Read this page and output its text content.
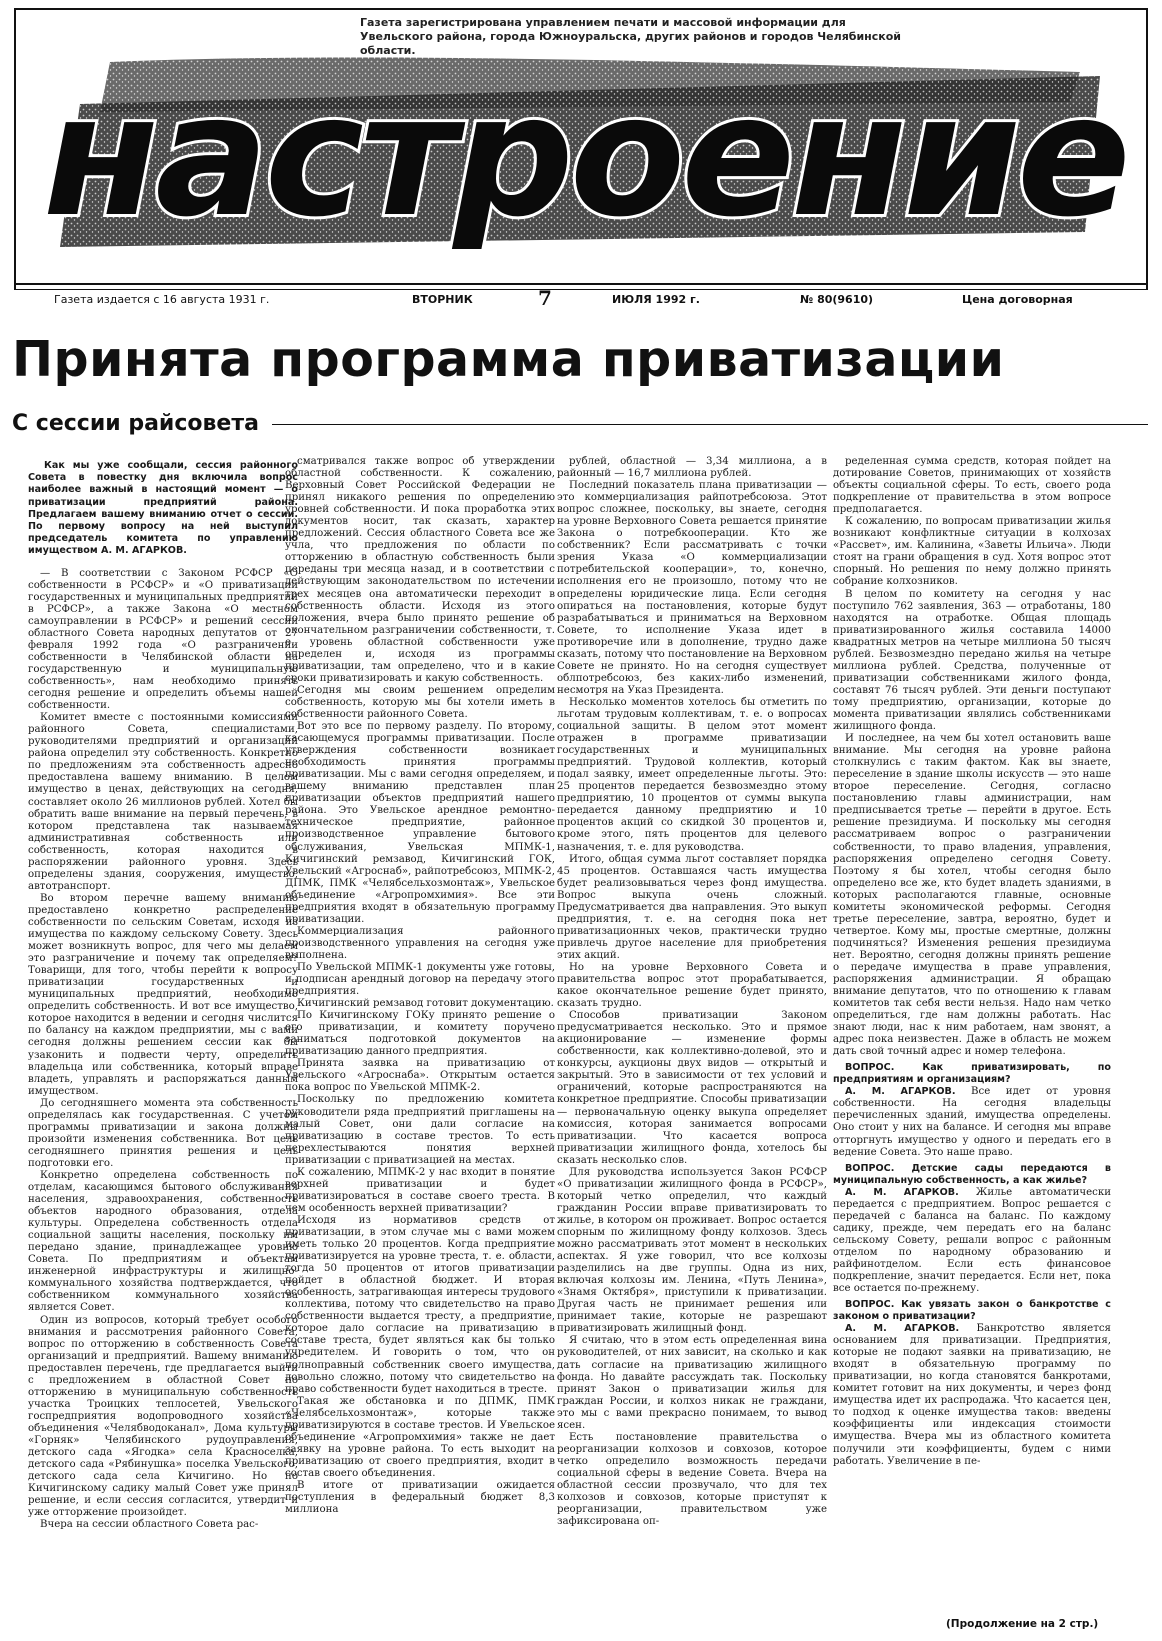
Газета зарегистрирована управлением печати и массовой информации для Увельского района, города Южноуральска, других районов и городов Челябинской области.
настроение
Газета издается с 16 августа 1931 г.	ВТОРНИК	7	ИЮЛЯ 1992 г.	№ 80(9610)	Цена договорная
Принята программа приватизации
С сессии райсовета

Как мы уже сообщали, сессия районного Совета в повестку дня включила вопрос наиболее важный в настоящий момент — о приватизации предприятий района. Предлагаем вашему вниманию отчет о сессии. По первому вопросу на ней выступил председатель комитета по управлению имуществом А. М. АГАРКОВ.

— В соответствии с Законом РСФСР «О собственности в РСФСР» и «О приватизации государственных и муниципальных предприятий в РСФСР», а также Закона «О местном самоуправлении в РСФСР» и решений сессии областного Совета народных депутатов от 27 февраля 1992 года «О разграничении собственности в Челябинской области на государственную и муниципальную собственность», нам необходимо принять сегодня решение и определить объемы нашей собственности.

Комитет вместе с постоянными комиссиями районного Совета, специалистами, руководителями предприятий и организаций района определил эту собственность. Конкретно по предложениям эта собственность адресно предоставлена вашему вниманию. В целом имущество в ценах, действующих на сегодня, составляет около 26 миллионов рублей. Хотел бы обратить ваше внимание на первый перечень, в котором представлена так называемая административная собственность или собственность, которая находится в распоряжении районного уровня. Здесь определены здания, сооружения, имущество, автотранспорт.

Во втором перечне вашему вниманию предоставлено конкретно распределение собственности по сельским Советам, исходя из имущества по каждому сельскому Совету. Здесь может возникнуть вопрос, для чего мы делаем это разграничение и почему так определяем? Товарищи, для того, чтобы перейти к вопросу приватизации государственных и муниципальных предприятий, необходимо определить собственность. И вот все имущество, которое находится в ведении и сегодня числится по балансу на каждом предприятии, мы с вами сегодня должны решением сессии как бы узаконить и подвести черту, определить владельца или собственника, который вправе владеть, управлять и распоряжаться данным имуществом.

До сегодняшнего момента эта собственность определялась как государственная. С учетом программы приватизации и закона должны произойти изменения собственника. Вот цель сегодняшнего принятия решения и цель подготовки его.

Конкретно определена собственность по отделам, касающимся бытового обслуживания населения, здравоохранения, собственность объектов народного образования, отдела культуры. Определена собственность отдела социальной защиты населения, поскольку им передано здание, принадлежащее уровню Совета. По предприятиям и объектам инженерной инфраструктуры и жилищно-коммунального хозяйства подтверждается, что собственником коммунального хозяйства является Совет.

Один из вопросов, который требует особого внимания и рассмотрения районного Совета, вопрос по отторжению в собственность Совета организаций и предприятий. Вашему вниманию предоставлен перечень, где предлагается выйти с предложением в областной Совет по отторжению в муниципальную собственность участка Троицких теплосетей, Увельского госпредприятия водопроводного хозяйства объединения «Челябводоканал», Дома культуры «Горняк» Челябинского рудоуправления, детского сада «Ягодка» села Красноселка, детского сада «Рябинушка» поселка Увельского, детского сада села Кичигино. Но по Кичигинскому садику малый Совет уже принял решение, и если сессия согласится, утвердит и уже отторжение произойдет.

Вчера на сессии областного Совета рас-

сматривался также вопрос об утверждении областной собственности. К сожалению, Верховный Совет Российской Федерации не принял никакого решения по определению уровней собственности. И пока проработка этих документов носит, так сказать, характер предложений. Сессия областного Совета все же учла, что предложения по области по отторжению в областную собственность были переданы три месяца назад, и в соответствии с действующим законодательством по истечении трех месяцев она автоматически переходит в собственность области. Исходя из этого положения, вчера было принято решение об окончательном разграничении собственности, т. е. уровень областной собственности уже определен и, исходя из программы приватизации, там определено, что и в какие сроки приватизировать и какую собственность.

Сегодня мы своим решением определим собственность, которую мы бы хотели иметь в собственности районного Совета.

Вот это все по первому разделу. По второму, касающемуся программы приватизации. После утверждения собственности возникает необходимость принятия программы приватизации. Мы с вами сегодня определяем, и вашему вниманию представлен план приватизации объектов предприятий нашего района. Это Увельское арендное ремонтно-техническое предприятие, районное производственное управление бытового обслуживания, Увельская МПМК-1, Кичигинский ремзавод, Кичигинский ГОК, Увельский «Агроснаб», райпотребсоюз, МПМК-2, ДПМК, ПМК «Челябсельхозмонтаж», Увельское объединение «Агропромхимия». Все эти предприятия входят в обязательную программу приватизации.

Коммерциализация районного производственного управления на сегодня уже выполнена.

По Увельской МПМК-1 документы уже готовы, и подписан арендный договор на передачу этого предприятия.

Кичигинский ремзавод готовит документацию.

По Кичигинскому ГОКу принято решение о его приватизации, и комитету поручено заниматься подготовкой документов на приватизацию данного предприятия.

Принята заявка на приватизацию от Увельского «Агроснаба». Открытым остается пока вопрос по Увельской МПМК-2.

Поскольку по предложению комитета руководители ряда предприятий приглашены на малый Совет, они дали согласие на приватизацию в составе трестов. То есть перехлестываются понятия верхней приватизации с приватизацией на местах.

К сожалению, МПМК-2 у нас входит в понятие верхней приватизации и будет приватизироваться в составе своего треста. В чем особенность верхней приватизации?

Исходя из нормативов средств от приватизации, в этом случае мы с вами можем иметь только 20 процентов. Когда предприятие приватизируется на уровне треста, т. е. области, тогда 50 процентов от итогов приватизации пойдет в областной бюджет. И вторая особенность, затрагивающая интересы трудового коллектива, потому что свидетельство на право собственности выдается тресту, а предприятие, которое дало согласие на приватизацию в составе треста, будет являться как бы только учредителем. И говорить о том, что он полноправный собственник своего имущества, довольно сложно, потому что свидетельство на право собственности будет находиться в тресте.

Такая же обстановка и по ДПМК, ПМК «Челябсельхозмонтаж», которые также приватизируются в составе трестов. И Увельское объединение «Агропромхимия» также не дает заявку на уровне района. То есть выходит на приватизацию от своего предприятия, входит в состав своего объединения.

В итоге от приватизации ожидается поступления в федеральный бюджет 8,3 миллиона

рублей, областной — 3,34 миллиона, а в районный — 16,7 миллиона рублей.

Последний показатель плана приватизации — это коммерциализация райпотребсоюза. Этот вопрос сложнее, поскольку, вы знаете, сегодня на уровне Верховного Совета решается принятие Закона о потребкооперации. Кто же собственник? Если рассматривать с точки зрения Указа «О коммерциализации потребительской кооперации», то, конечно, исполнения его не произошло, потому что не определены юридические лица. Если сегодня опираться на постановления, которые будут разрабатываться и приниматься на Верховном Совете, то исполнение Указа идет в противоречие или в дополнение, трудно даже сказать, потому что постановление на Верховном Совете не принято. Но на сегодня существует облпотребсоюз, без каких-либо изменений, несмотря на Указ Президента.

Несколько моментов хотелось бы отметить по льготам трудовым коллективам, т. е. о вопросах социальной защиты. В целом этот момент отражен в программе приватизации государственных и муниципальных предприятий. Трудовой коллектив, который подал заявку, имеет определенные льготы. Это: 25 процентов передается безвозмездно этому предприятию, 10 процентов от суммы выкупа передается данному предприятию и 10 процентов акций со скидкой 30 процентов и, кроме этого, пять процентов для целевого назначения, т. е. для руководства.

Итого, общая сумма льгот составляет порядка 45 процентов. Оставшаяся часть имущества будет реализовываться через фонд имущества. Вопрос выкупа очень сложный. Предусматривается два направления. Это выкуп предприятия, т. е. на сегодня пока нет приватизационных чеков, практически трудно привлечь другое население для приобретения этих акций.

Но на уровне Верховного Совета и правительства вопрос этот прорабатывается, какое окончательное решение будет принято, сказать трудно.

Способов приватизации Законом предусматривается несколько. Это и прямое акционирование — изменение формы собственности, как коллективно-долевой, это и конкурсы, аукционы двух видов — открытый и закрытый. Это в зависимости от тех условий и ограничений, которые распространяются на конкретное предприятие. Способы приватизации — первоначальную оценку выкупа определяет комиссия, которая занимается вопросами приватизации. Что касается вопроса приватизации жилищного фонда, хотелось бы сказать несколько слов.

Для руководства используется Закон РСФСР «О приватизации жилищного фонда в РСФСР», который четко определил, что каждый гражданин России вправе приватизировать то жилье, в котором он проживает. Вопрос остается спорным по жилищному фонду колхозов. Здесь можно рассматривать этот момент в нескольких аспектах. Я уже говорил, что все колхозы разделились на две группы. Одна из них, включая колхозы им. Ленина, «Путь Ленина», «Знамя Октября», приступили к приватизации. Другая часть не принимает решения или принимает такие, которые не разрешают приватизировать жилищный фонд.

Я считаю, что в этом есть определенная вина руководителей, от них зависит, на сколько и как дать согласие на приватизацию жилищного фонда. Но давайте рассуждать так. Поскольку принят Закон о приватизации жилья для граждан России, и колхоз никак не граждани, это мы с вами прекрасно понимаем, то вывод ясен.

Есть постановление правительства о реорганизации колхозов и совхозов, которое четко определило возможность передачи социальной сферы в ведение Совета. Вчера на областной сессии прозвучало, что для тех колхозов и совхозов, которые приступят к реорганизации, правительством уже зафиксирована оп-

ределенная сумма средств, которая пойдет на дотирование Советов, принимающих от хозяйств объекты социальной сферы. То есть, своего рода подкрепление от правительства в этом вопросе предполагается.

К сожалению, по вопросам приватизации жилья возникают конфликтные ситуации в колхозах «Рассвет», им. Калинина, «Заветы Ильича». Люди стоят на грани обращения в суд. Хотя вопрос этот спорный. Но решения по нему должно принять собрание колхозников.

В целом по комитету на сегодня у нас поступило 762 заявления, 363 — отработаны, 180 находятся на отработке. Общая площадь приватизированного жилья составила 14000 квадратных метров на четыре миллиона 50 тысяч рублей. Безвозмездно передано жилья на четыре миллиона рублей. Средства, полученные от приватизации собственниками жилого фонда, составят 76 тысяч рублей. Эти деньги поступают тому предприятию, организации, которые до момента приватизации являлись собственниками жилищного фонда.

И последнее, на чем бы хотел остановить ваше внимание. Мы сегодня на уровне района столкнулись с таким фактом. Как вы знаете, переселение в здание школы искусств — это наше второе переселение. Сегодня, согласно постановлению главы администрации, нам предписывается третье — перейти в другое. Есть решение президиума. И поскольку мы сегодня рассматриваем вопрос о разграничении собственности, то право владения, управления, распоряжения определено сегодня Совету. Поэтому я бы хотел, чтобы сегодня было определено все же, кто будет владеть зданиями, в которых располагаются главные, основные комитеты экономической реформы. Сегодня третье переселение, завтра, вероятно, будет и четвертое. Кому мы, простые смертные, должны подчиняться? Изменения решения президиума нет. Вероятно, сегодня должны принять решение о передаче имущества в праве управления, распоряжения администрации. Я обращаю внимание депутатов, что по отношению к главам комитетов так себя вести нельзя. Надо нам четко определиться, где нам должны работать. Нас знают люди, нас к ним работаем, нам звонят, а адрес пока неизвестен. Даже в область не можем дать свой точный адрес и номер телефона.

ВОПРОС. Как приватизировать, по предприятиям и организациям?

А. М. АГАРКОВ. Все идет от уровня собственности. На сегодня владельцы перечисленных зданий, имущества определены. Оно стоит у них на балансе. И сегодня мы вправе отторгнуть имущество у одного и передать его в ведение Совета. Это наше право.

ВОПРОС. Детские сады передаются в муниципальную собственность, а как жилье?

А. М. АГАРКОВ. Жилье автоматически передается с предприятием. Вопрос решается с передачей с баланса на баланс. По каждому садику, прежде, чем передать его на баланс сельскому Совету, решали вопрос с районным отделом по народному образованию и райфинотделом. Если есть финансовое подкрепление, значит передается. Если нет, пока все остается по-прежнему.

ВОПРОС. Как увязать закон о банкротстве с законом о приватизации?

А. М. АГАРКОВ. Банкротство является основанием для приватизации. Предприятия, которые не подают заявки на приватизацию, не входят в обязательную программу по приватизации, но когда становятся банкротами, комитет готовит на них документы, и через фонд имущества идет их распродажа. Что касается цен, то подход к оценке имущества таков: введены коэффициенты или индексация стоимости имущества. Вчера мы из областного комитета получили эти коэффициенты, будем с ними работать. Увеличение в пе-

(Продолжение на 2 стр.)
